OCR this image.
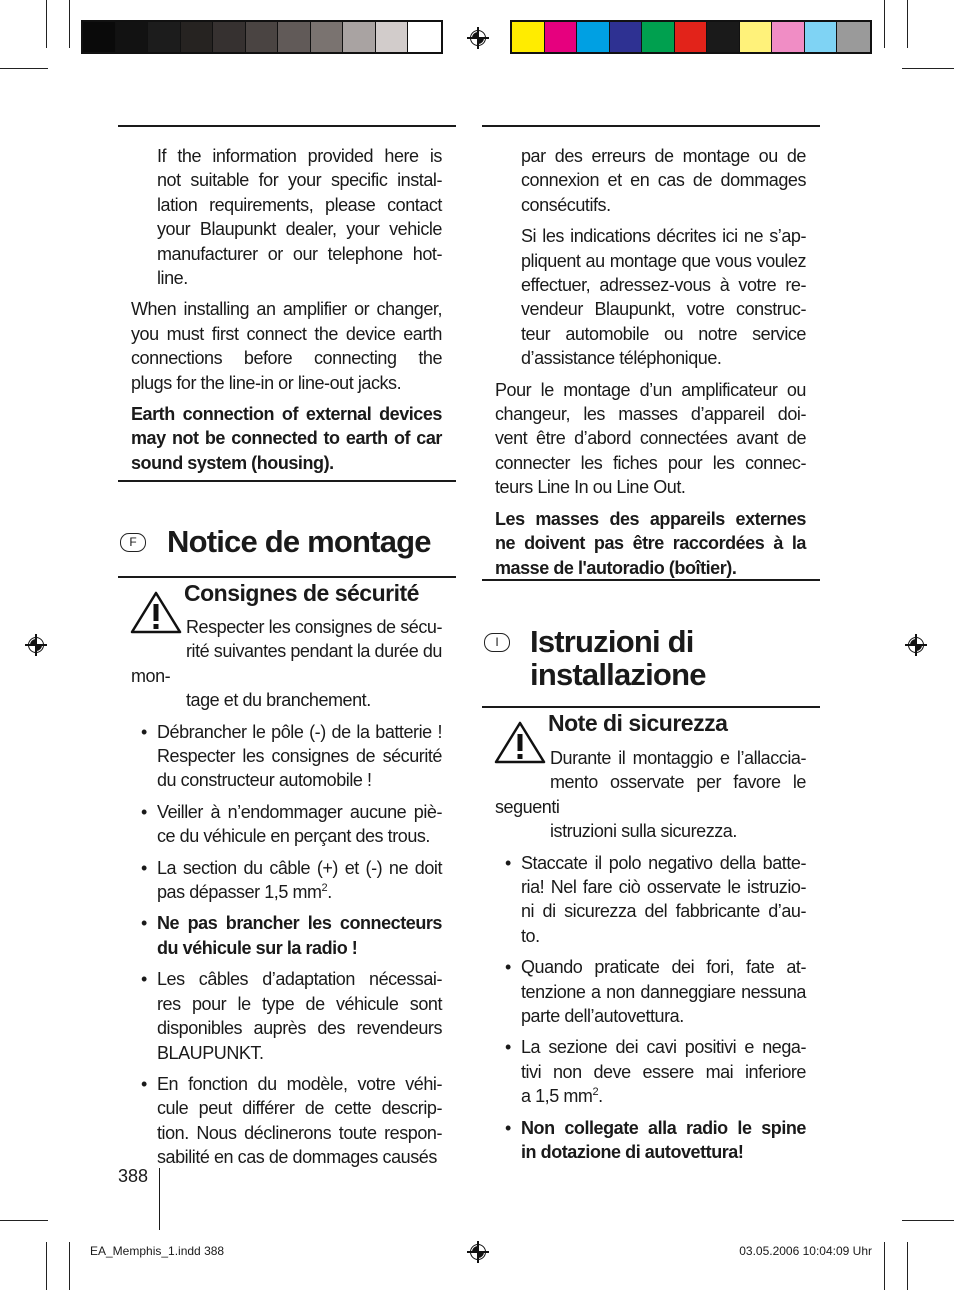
If the information provided here is
not suitable for your specific instal-
lation requirements, please contact
your Blaupunkt dealer, your vehicle
manufacturer or our telephone hot-
line.

When installing an amplifier or changer,
you must first connect the device earth
connections before connecting the
plugs for the line-in or line-out jacks.

Earth connection of external devices
may not be connected to earth of car
sound system (housing).

F Notice de montage
Consignes de sécurité

Respecter les consignes de sécu-
rité suivantes pendant la durée du mon-
tage et du branchement.

• Débrancher le pôle (-) de la batterie !
Respecter les consignes de sécurité
du constructeur automobile !

• Veiller à n’endommager aucune piè-
ce du véhicule en perçant des trous.

• La section du câble (+) et (-) ne doit
pas dépasser 1,5 $mm^2$.

• Ne pas brancher les connecteurs
du véhicule sur la radio !

• Les câbles d’adaptation nécessai-
res pour le type de véhicule sont
disponibles auprès des revendeurs
BLAUPUNKT.

• En fonction du modèle, votre véhi-
cule peut différer de cette descrip-
tion. Nous déclinerons toute respon-
sabilité en cas de dommages causés

388

par des erreurs de montage ou de
connexion et en cas de dommages
consécutifs.

Si les indications décrites ici ne s’ap-
pliquent au montage que vous voulez
effectuer, adressez-vous à votre re-
vendeur Blaupunkt, votre construc-
teur automobile ou notre service
d’assistance téléphonique.

Pour le montage d’un amplificateur ou
changeur, les masses d’appareil doi-
vent être d’abord connectées avant de
connecter les fiches pour les connec-
teurs Line In ou Line Out.

Les masses des appareils externes
ne doivent pas être raccordées à la
masse de l'autoradio (boîtier).

I	Istruzioni di
installazione
Note di sicurezza

Durante il montaggio e l’allaccia-
mento osservate per favore le seguenti
istruzioni sulla sicurezza.

• Staccate il polo negativo della batte-
ria! Nel fare ciò osservate le istruzio-
ni di sicurezza del fabbricante d’au-
to.

• Quando praticate dei fori, fate at-
tenzione a non danneggiare nessuna
parte dell’autovettura.

• La sezione dei cavi positivi e nega-
tivi non deve essere mai inferiore
a 1,5 $mm^2$.

• Non collegate alla radio le spine
in dotazione di autovettura!

EA_Memphis_1.indd 388	03.05.2006 10:04:09 Uhr
